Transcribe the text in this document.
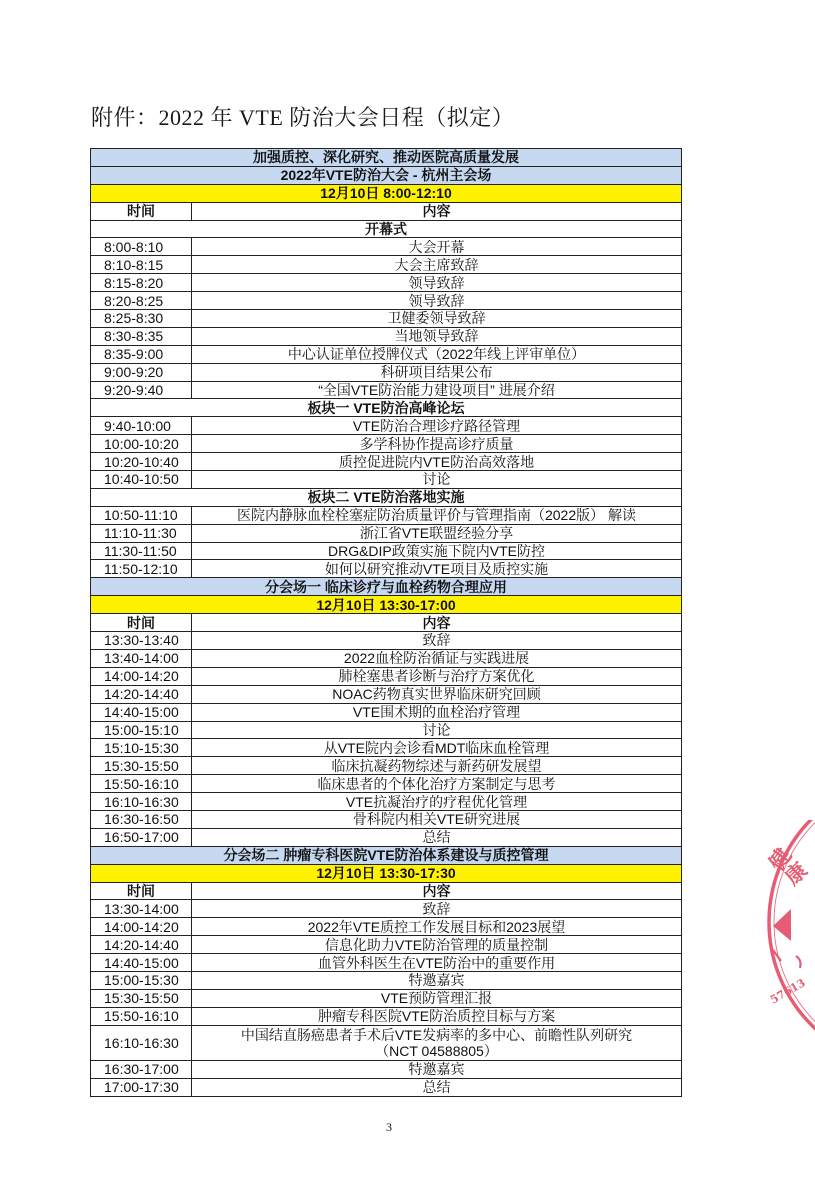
附件：2022 年 VTE 防治大会日程（拟定）
加强质控、深化研究、推动医院高质量发展
2022年VTE防治大会 - 杭州主会场
12月10日 8:00-12:10
时间	内容
开幕式
8:00-8:10	大会开幕
8:10-8:15	大会主席致辞
8:15-8:20	领导致辞
8:20-8:25	领导致辞
8:25-8:30	卫健委领导致辞
8:30-8:35	当地领导致辞
8:35-9:00	中心认证单位授牌仪式（2022年线上评审单位）
9:00-9:20	科研项目结果公布
9:20-9:40	“全国VTE防治能力建设项目” 进展介绍
板块一 VTE防治高峰论坛
9:40-10:00	VTE防治合理诊疗路径管理
10:00-10:20	多学科协作提高诊疗质量
10:20-10:40	质控促进院内VTE防治高效落地
10:40-10:50	讨论
板块二 VTE防治落地实施
10:50-11:10	医院内静脉血栓栓塞症防治质量评价与管理指南（2022版） 解读
11:10-11:30	浙江省VTE联盟经验分享
11:30-11:50	DRG&DIP政策实施下院内VTE防控
11:50-12:10	如何以研究推动VTE项目及质控实施
分会场一 临床诊疗与血栓药物合理应用
12月10日 13:30-17:00
时间	内容
13:30-13:40	致辞
13:40-14:00	2022血栓防治循证与实践进展
14:00-14:20	肺栓塞患者诊断与治疗方案优化
14:20-14:40	NOAC药物真实世界临床研究回顾
14:40-15:00	VTE围术期的血栓治疗管理
15:00-15:10	讨论
15:10-15:30	从VTE院内会诊看MDT临床血栓管理
15:30-15:50	临床抗凝药物综述与新药研发展望
15:50-16:10	临床患者的个体化治疗方案制定与思考
16:10-16:30	VTE抗凝治疗的疗程优化管理
16:30-16:50	骨科院内相关VTE研究进展
16:50-17:00	总结
分会场二 肿瘤专科医院VTE防治体系建设与质控管理
12月10日 13:30-17:30
时间	内容
13:30-14:00	致辞
14:00-14:20	2022年VTE质控工作发展目标和2023展望
14:20-14:40	信息化助力VTE防治管理的质量控制
14:40-15:00	血管外科医生在VTE防治中的重要作用
15:00-15:30	特邀嘉宾
15:30-15:50	VTE预防管理汇报
15:50-16:10	肿瘤专科医院VTE防治质控目标与方案
16:10-16:30	中国结直肠癌患者手术后VTE发病率的多中心、前瞻性队列研究
（NCT 04588805）
16:30-17:00	特邀嘉宾
17:00-17:30	总结
3
健
康
57613
